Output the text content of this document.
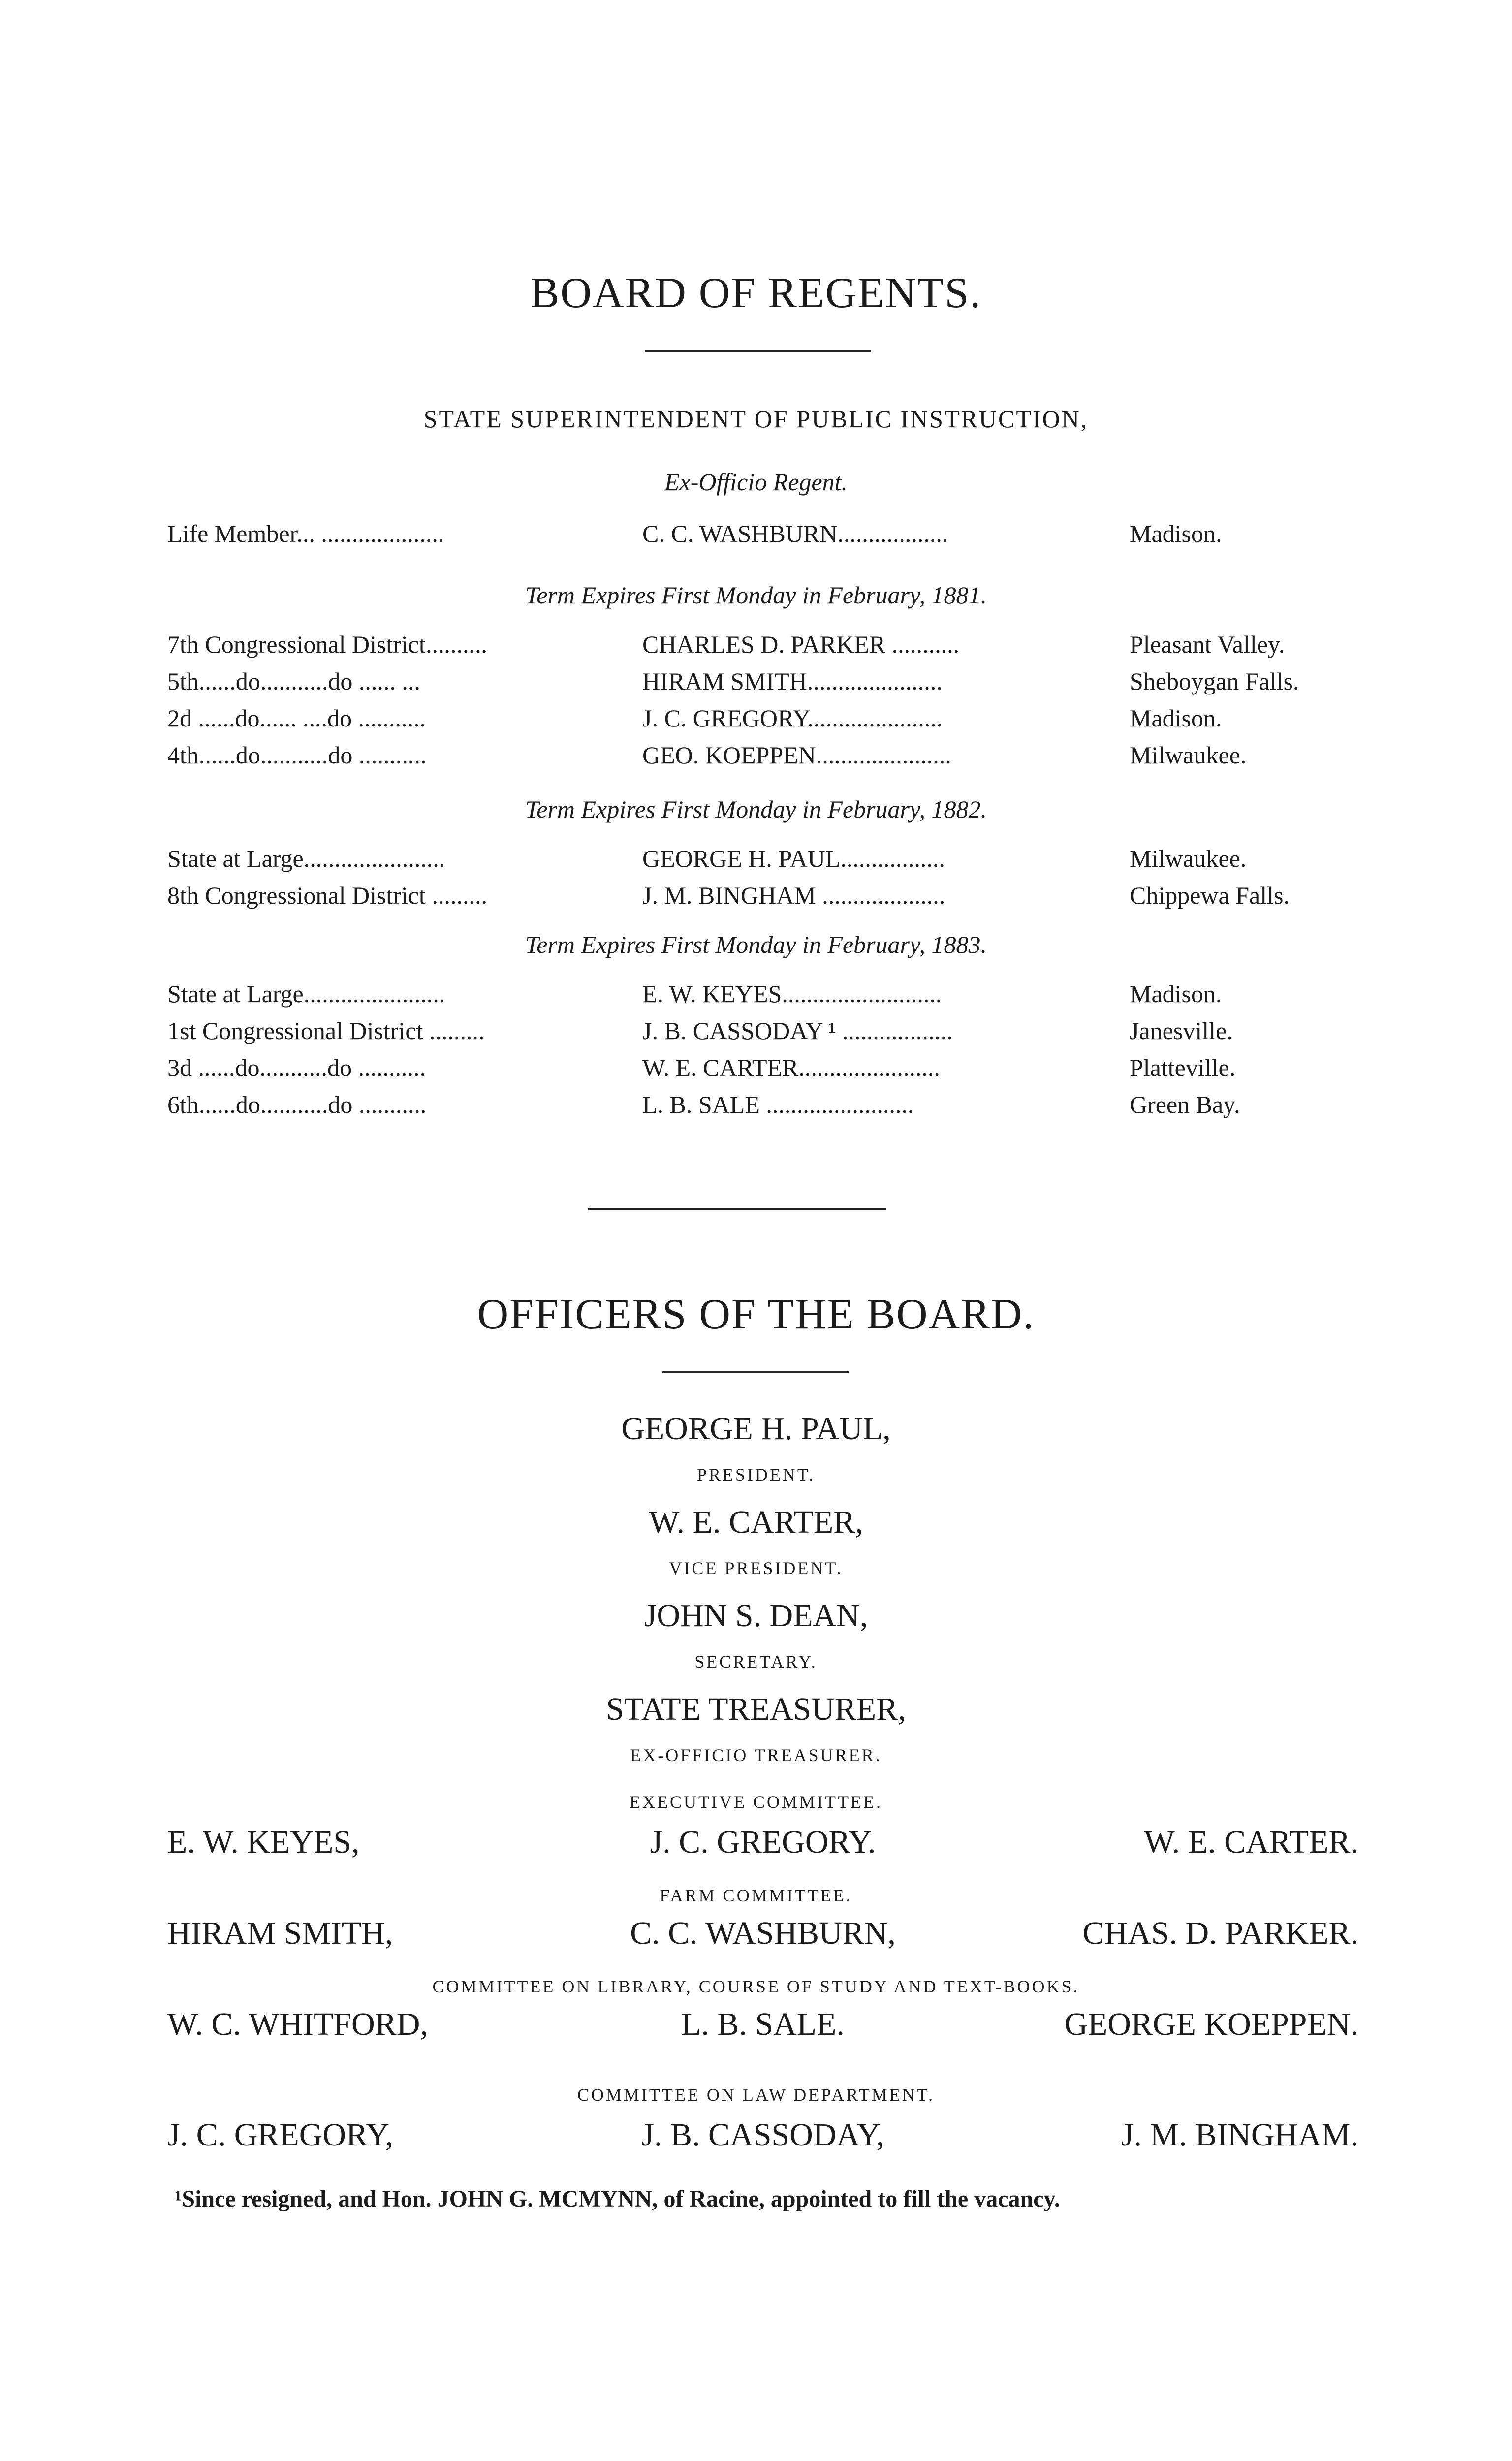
BOARD OF REGENTS.
STATE SUPERINTENDENT OF PUBLIC INSTRUCTION,
Ex-Officio Regent.
Life Member... ....................	C. C. WASHBURN..................	Madison.
Term Expires First Monday in February, 1881.
7th Congressional District..........	CHARLES D. PARKER ...........	Pleasant Valley.
5th......do...........do ...... ...	HIRAM SMITH......................	Sheboygan Falls.
2d ......do...... ....do ...........	J. C. GREGORY......................	Madison.
4th......do...........do ...........	GEO. KOEPPEN......................	Milwaukee.
Term Expires First Monday in February, 1882.
State at Large.......................	GEORGE H. PAUL.................	Milwaukee.
8th Congressional District .........	J. M. BINGHAM ....................	Chippewa Falls.
Term Expires First Monday in February, 1883.
State at Large.......................	E. W. KEYES..........................	Madison.
1st Congressional District .........	J. B. CASSODAY ¹ ..................	Janesville.
3d ......do...........do ...........	W. E. CARTER.......................	Platteville.
6th......do...........do ...........	L. B. SALE ........................	Green Bay.
OFFICERS OF THE BOARD.
GEORGE H. PAUL,
PRESIDENT.
W. E. CARTER,
VICE PRESIDENT.
JOHN S. DEAN,
SECRETARY.
STATE TREASURER,
EX-OFFICIO TREASURER.
EXECUTIVE COMMITTEE.
E. W. KEYES,	J. C. GREGORY.	W. E. CARTER.
FARM COMMITTEE.
HIRAM SMITH,	C. C. WASHBURN,	CHAS. D. PARKER.
COMMITTEE ON LIBRARY, COURSE OF STUDY AND TEXT-BOOKS.
W. C. WHITFORD,	L. B. SALE.	GEORGE KOEPPEN.
COMMITTEE ON LAW DEPARTMENT.
J. C. GREGORY,	J. B. CASSODAY,	J. M. BINGHAM.
¹Since resigned, and Hon. JOHN G. MCMYNN, of Racine, appointed to fill the vacancy.
